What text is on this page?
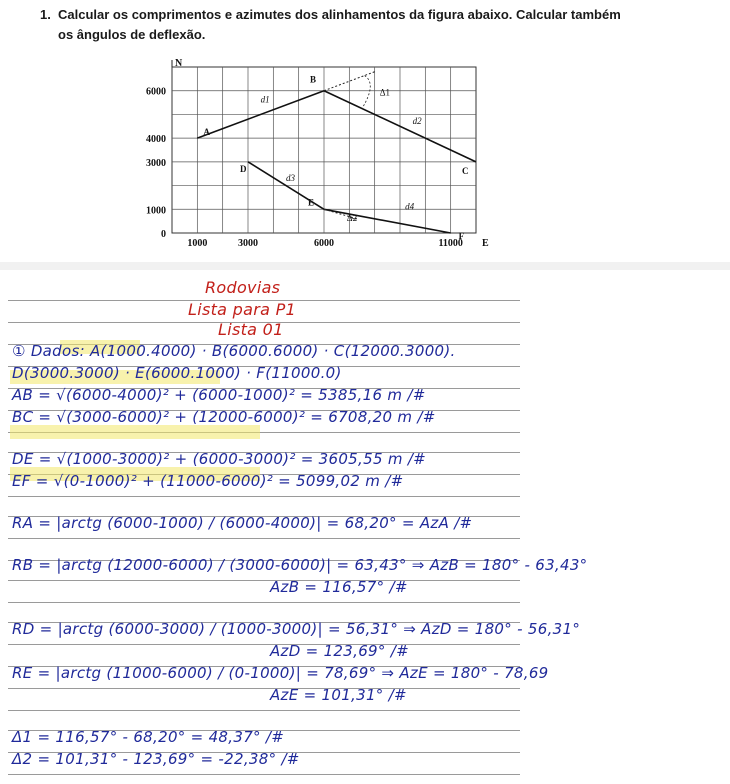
1. Calcular os comprimentos e azimutes dos alinhamentos da figura abaixo. Calcular também
os ângulos de deflexão.
6000
4000
3000
1000
0
1000	3000	6000	11000
N
E
A
B
C
D
E
F
d1
d2
d3
d4
Δ1
Δ2
Rodovias
Lista para P1
Lista 01
① Dados: A(1000.4000) · B(6000.6000) · C(12000.3000).
D(3000.3000) · E(6000.1000) · F(11000.0)
AB = √(6000-4000)² + (6000-1000)² = 5385,16 m /#
BC = √(3000-6000)² + (12000-6000)² = 6708,20 m /#
DE = √(1000-3000)² + (6000-3000)² = 3605,55 m /#
EF = √(0-1000)² + (11000-6000)² = 5099,02 m /#
RA = |arctg (6000-1000) / (6000-4000)| = 68,20° = AzA /#
RB = |arctg (12000-6000) / (3000-6000)| = 63,43° ⇒ AzB = 180° - 63,43°
AzB = 116,57° /#
RD = |arctg (6000-3000) / (1000-3000)| = 56,31° ⇒ AzD = 180° - 56,31°
AzD = 123,69° /#
RE = |arctg (11000-6000) / (0-1000)| = 78,69° ⇒ AzE = 180° - 78,69
AzE = 101,31° /#
Δ1 = 116,57° - 68,20° = 48,37° /#
Δ2 = 101,31° - 123,69° = -22,38° /#
